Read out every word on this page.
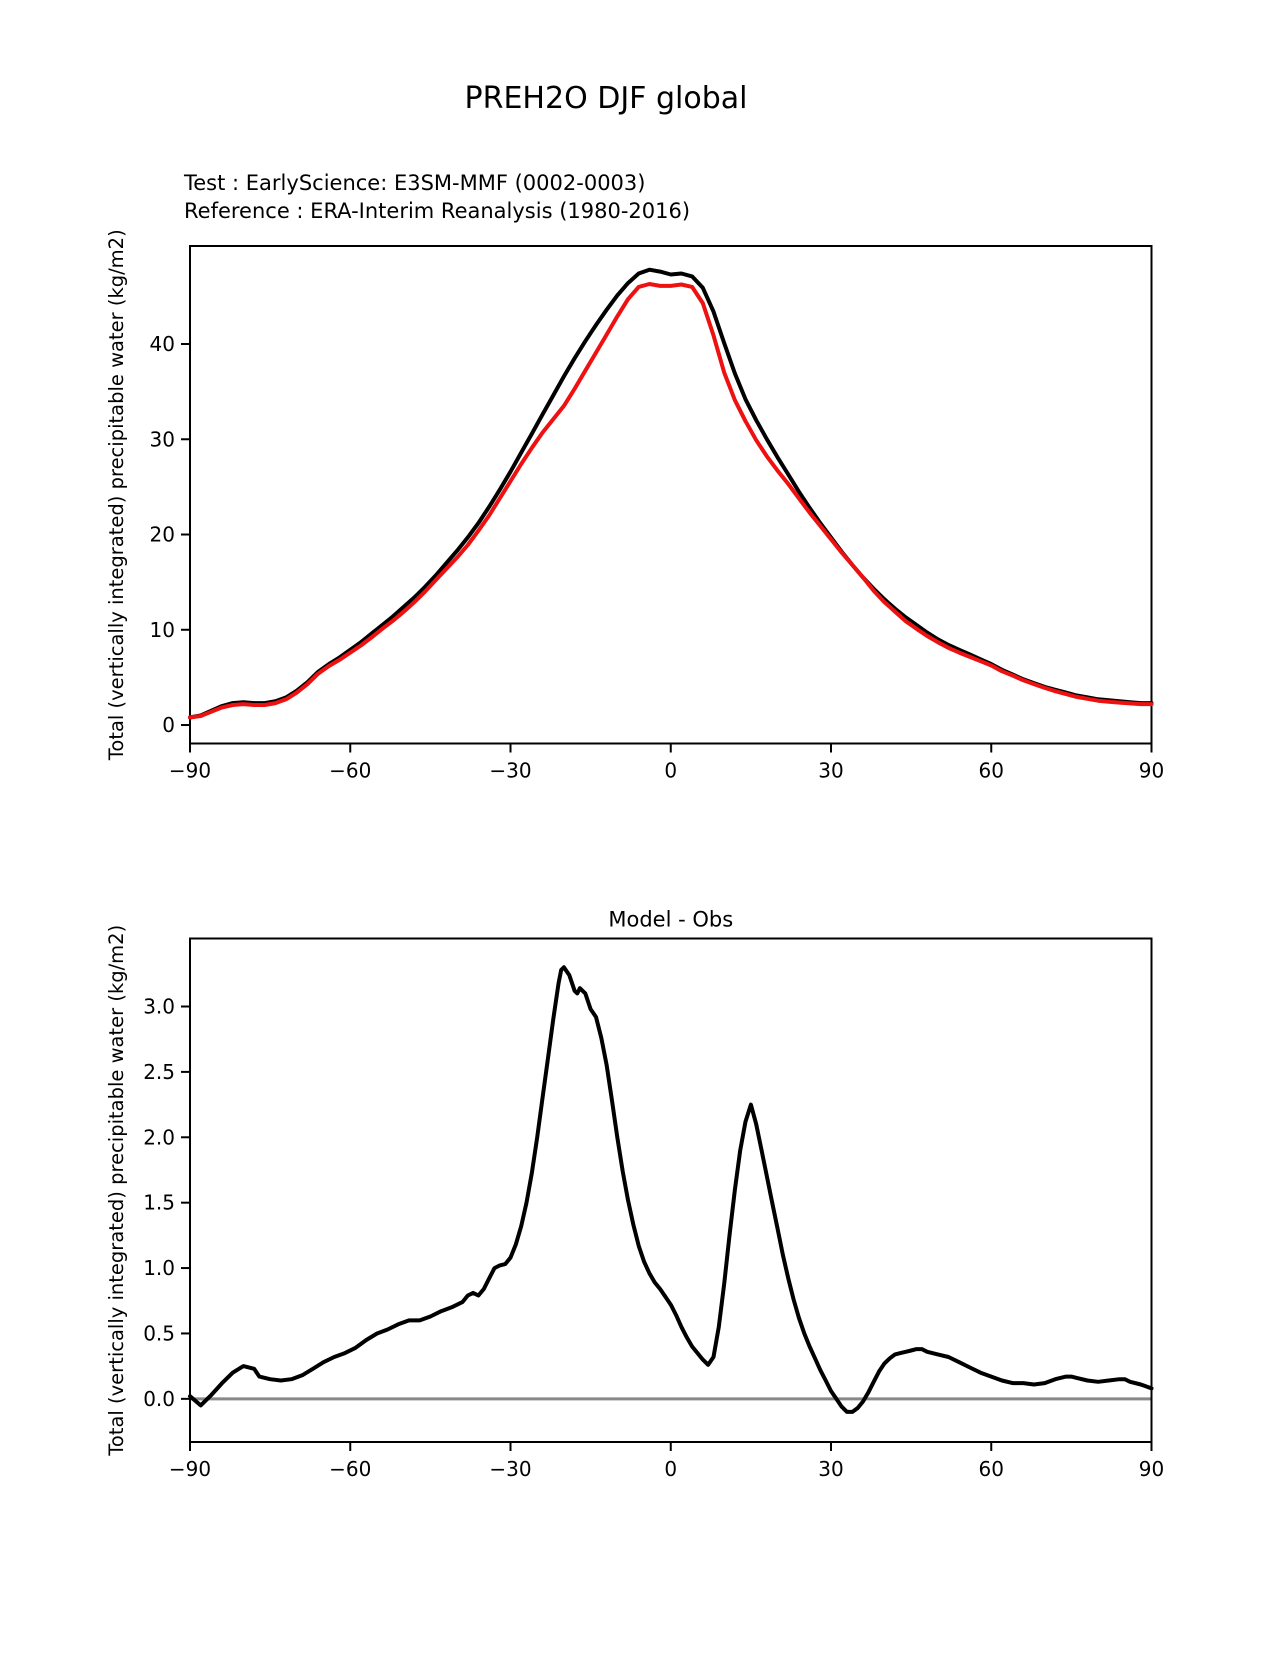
PREH2O DJF global
Test : EarlyScience: E3SM-MMF (0002-0003)
Reference : ERA-Interim Reanalysis (1980-2016)
−90	−60	−30	0	30	60	90
0
10
20
30
40
Total (vertically integrated) precipitable water (kg/m2)
−90	−60	−30	0	30	60	90
0.0
0.5
1.0
1.5
2.0
2.5
3.0
Total (vertically integrated) precipitable water (kg/m2)
Model - Obs
